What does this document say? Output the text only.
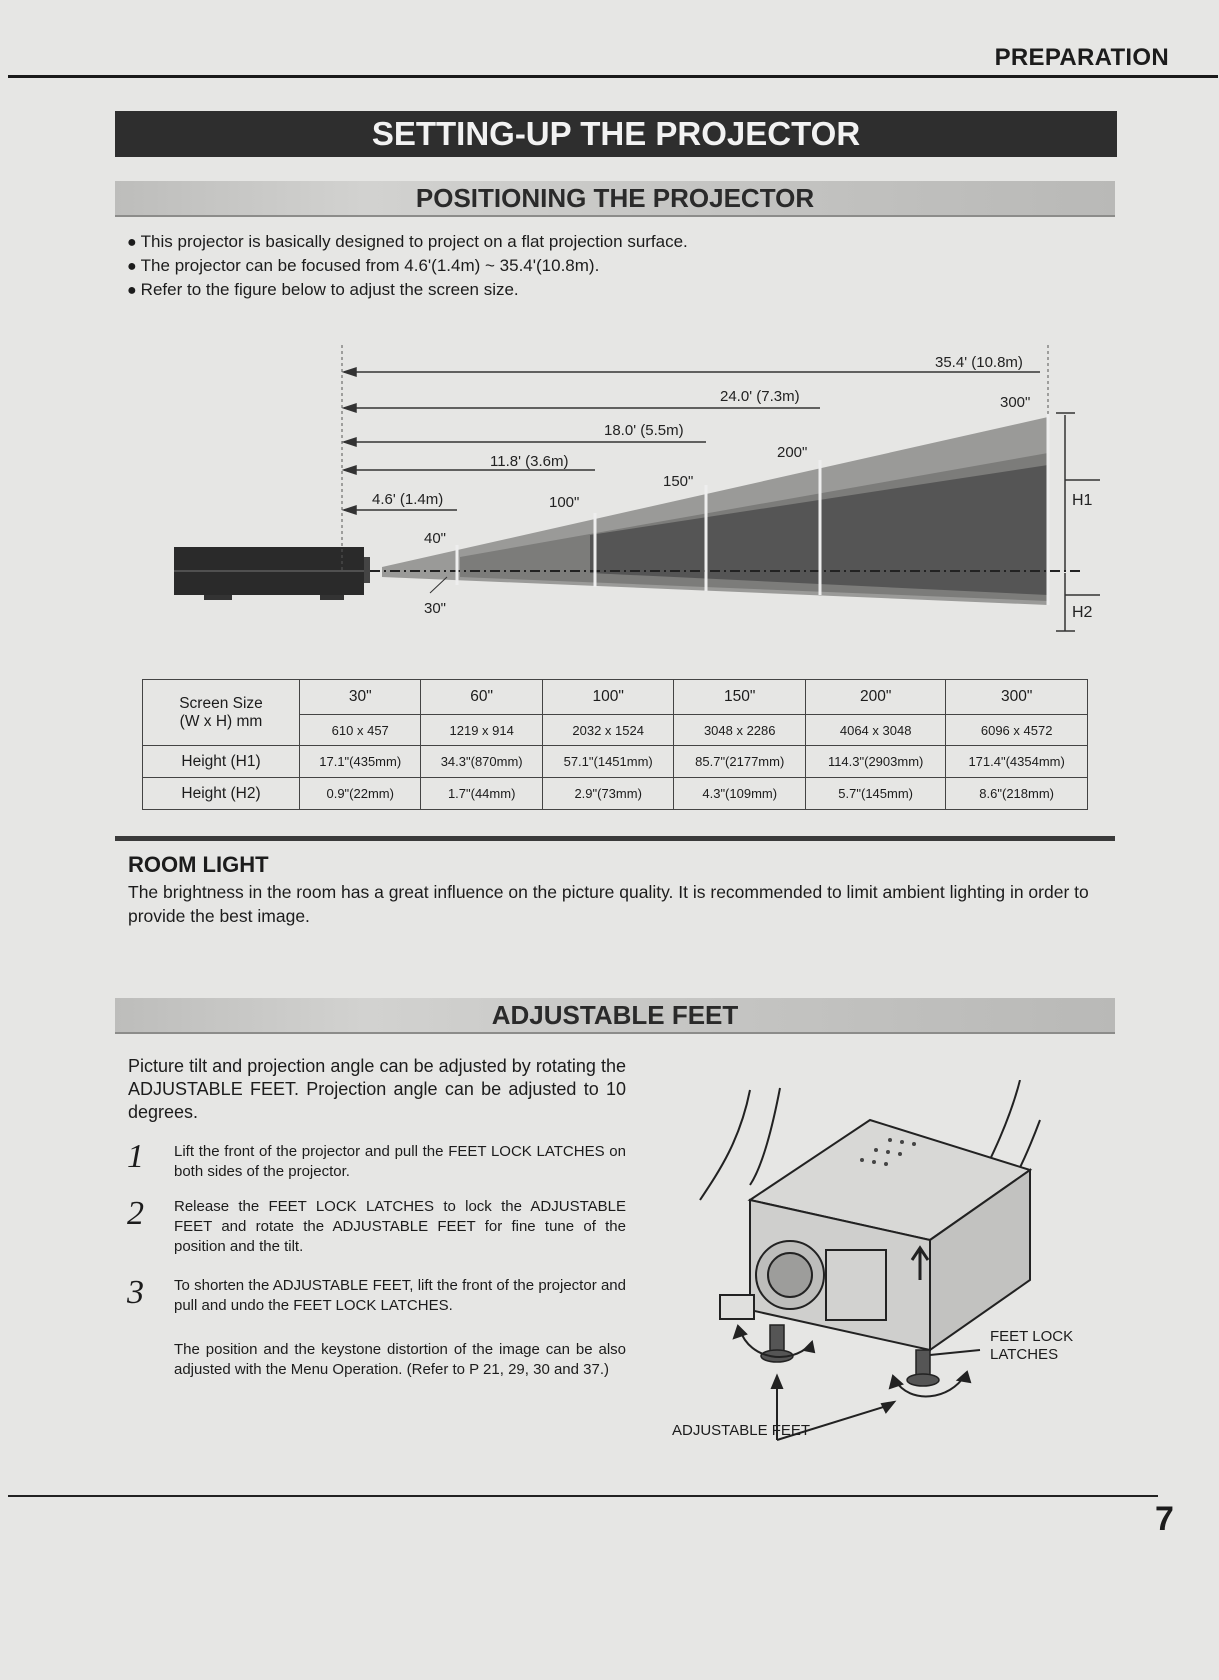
PREPARATION
SETTING-UP THE PROJECTOR
POSITIONING THE PROJECTOR
● This projector is basically designed to project on a flat projection surface.
● The projector can be focused from 4.6'(1.4m) ~ 35.4'(10.8m).
● Refer to the figure below to adjust the screen size.
35.4' (10.8m)
24.0' (7.3m)
18.0' (5.5m)
11.8' (3.6m)
4.6' (1.4m)
300"
200"
150"
100"
40"
30"
H1
H2
Screen Size
(W x H) mm	30"	60"	100"	150"	200"	300"
	610 x 457	1219 x 914	2032 x 1524	3048 x 2286	4064 x 3048	6096 x 4572
Height (H1)	17.1"(435mm)	34.3"(870mm)	57.1"(1451mm)	85.7"(2177mm)	114.3"(2903mm)	171.4"(4354mm)
Height (H2)	0.9"(22mm)	1.7"(44mm)	2.9"(73mm)	4.3"(109mm)	5.7"(145mm)	8.6"(218mm)
ROOM LIGHT
The brightness in the room has a great influence on the picture quality. It is recommended to limit ambient lighting in order to provide the best image.
ADJUSTABLE FEET
Picture tilt and projection angle can be adjusted by rotating the ADJUSTABLE FEET. Projection angle can be adjusted to 10 degrees.
1 Lift the front of the projector and pull the FEET LOCK LATCHES on both sides of the projector.
2 Release the FEET LOCK LATCHES to lock the ADJUSTABLE FEET and rotate the ADJUSTABLE FEET for fine tune of the position and the tilt.
3 To shorten the ADJUSTABLE FEET, lift the front of the projector and pull and undo the FEET LOCK LATCHES.
The position and the keystone distortion of the image can be also adjusted with the Menu Operation. (Refer to P 21, 29, 30 and 37.)
FEET LOCK
LATCHES
ADJUSTABLE FEET
7
